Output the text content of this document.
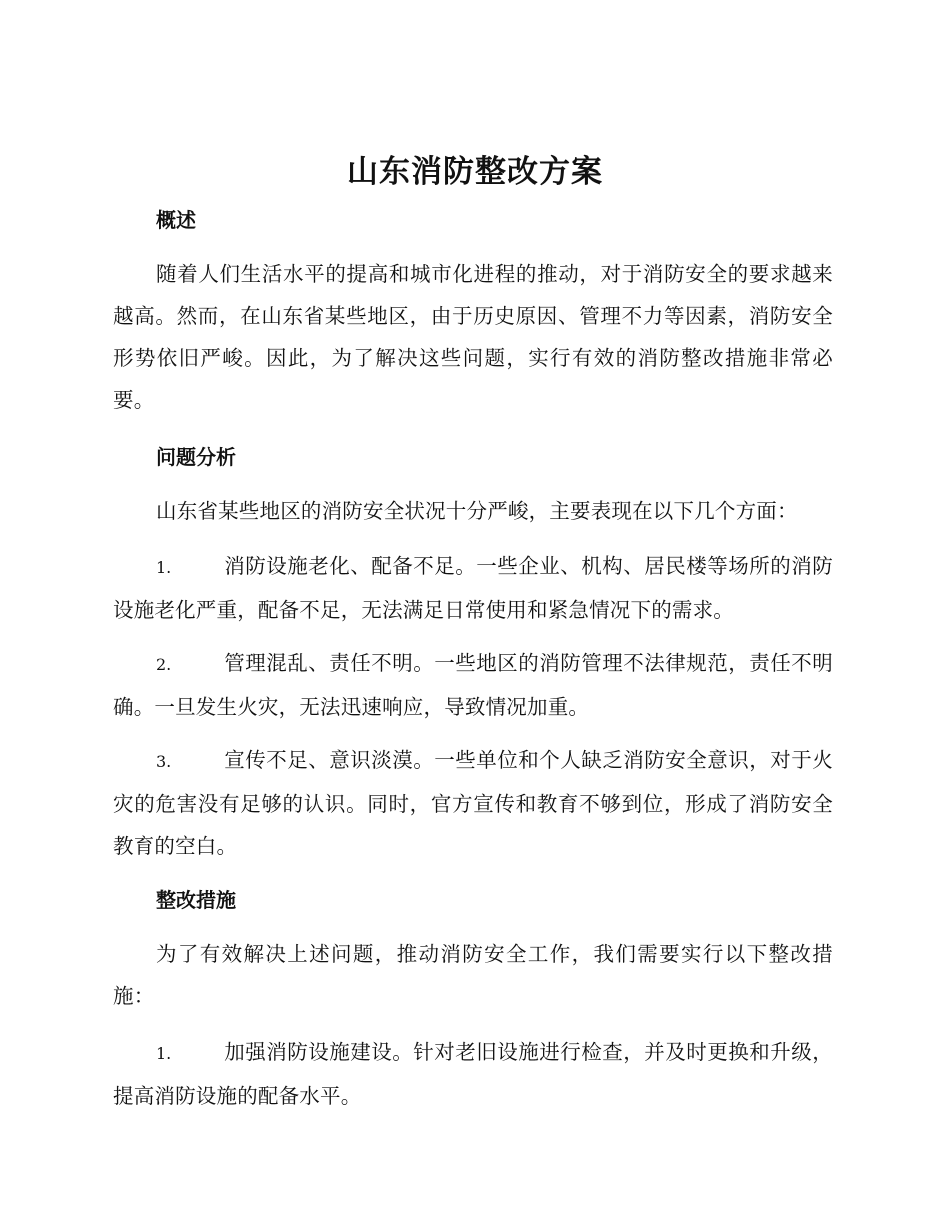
山东消防整改方案
概述
随着人们生活水平的提高和城市化进程的推动，对于消防安全的要求越来越高。然而，在山东省某些地区，由于历史原因、管理不力等因素，消防安全形势依旧严峻。因此，为了解决这些问题，实行有效的消防整改措施非常必要。
问题分析
山东省某些地区的消防安全状况十分严峻，主要表现在以下几个方面：
1.	消防设施老化、配备不足。一些企业、机构、居民楼等场所的消防设施老化严重，配备不足，无法满足日常使用和紧急情况下的需求。
2.	管理混乱、责任不明。一些地区的消防管理不法律规范，责任不明确。一旦发生火灾，无法迅速响应，导致情况加重。
3.	宣传不足、意识淡漠。一些单位和个人缺乏消防安全意识，对于火灾的危害没有足够的认识。同时，官方宣传和教育不够到位，形成了消防安全教育的空白。
整改措施
为了有效解决上述问题，推动消防安全工作，我们需要实行以下整改措施：
1.	加强消防设施建设。针对老旧设施进行检查，并及时更换和升级，提高消防设施的配备水平。
